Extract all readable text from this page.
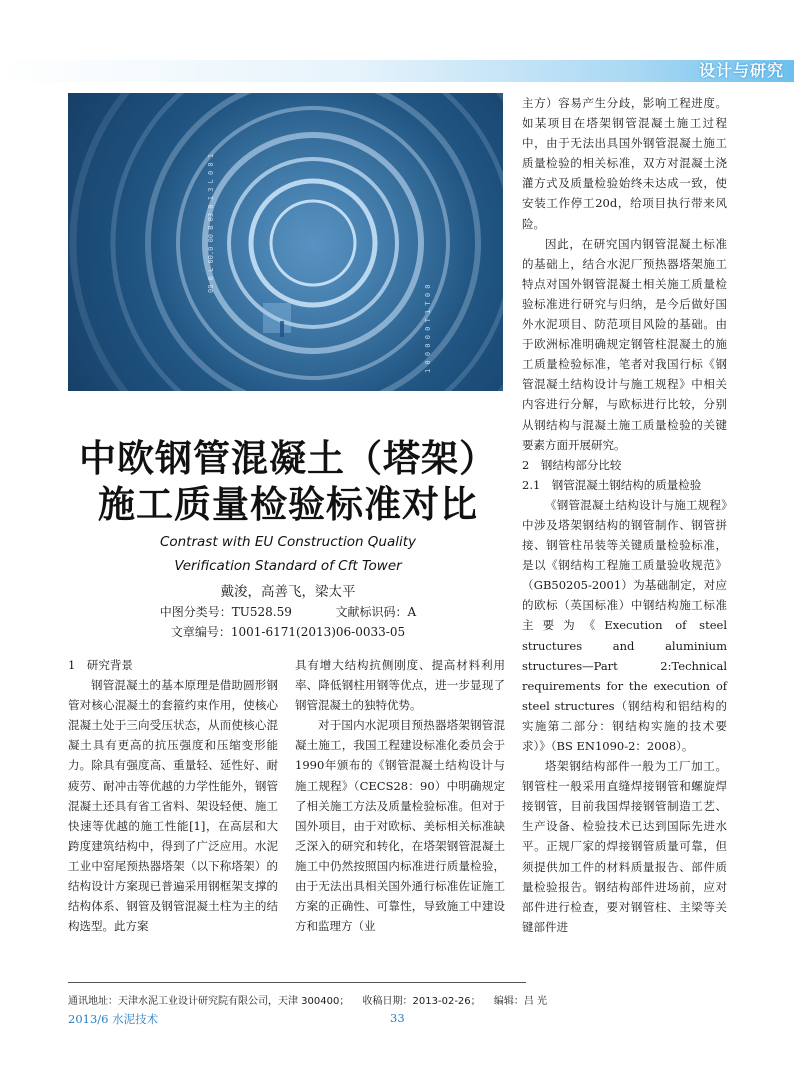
设计与研究
00 0 L 00.0 00 B 03 0 1 3 L 0 0 1
1 0 0 0 0 0 T 1 T 0 0

中欧钢管混凝土（塔架）

施工质量检验标准对比

Contrast with EU Construction Quality
Verification Standard of Cft Tower
戴浚，高善飞，梁太平
中图分类号：TU528.59	文献标识码：A
文章编号：1001-6171(2013)06-0033-05

1　研究背景

钢管混凝土的基本原理是借助圆形钢管对核心混凝土的套箍约束作用，使核心混凝土处于三向受压状态，从而使核心混凝土具有更高的抗压强度和压缩变形能力。除具有强度高、重量轻、延性好、耐疲劳、耐冲击等优越的力学性能外，钢管混凝土还具有省工省料、架设轻便、施工快速等优越的施工性能[1]，在高层和大跨度建筑结构中，得到了广泛应用。水泥工业中窑尾预热器塔架（以下称塔架）的结构设计方案现已普遍采用钢框架支撑的结构体系、钢管及钢管混凝土柱为主的结构选型。此方案

具有增大结构抗侧刚度、提高材料利用率、降低钢柱用钢等优点，进一步显现了钢管混凝土的独特优势。

对于国内水泥项目预热器塔架钢管混凝土施工，我国工程建设标准化委员会于1990年颁布的《钢管混凝土结构设计与施工规程》（CECS28：90）中明确规定了相关施工方法及质量检验标准。但对于国外项目，由于对欧标、美标相关标准缺乏深入的研究和转化，在塔架钢管混凝土施工中仍然按照国内标准进行质量检验，由于无法出具相关国外通行标准佐证施工方案的正确性、可靠性，导致施工中建设方和监理方（业

主方）容易产生分歧，影响工程进度。如某项目在塔架钢管混凝土施工过程中，由于无法出具国外钢管混凝土施工质量检验的相关标准，双方对混凝土浇灌方式及质量检验始终未达成一致，使安装工作停工20d，给项目执行带来风险。

因此，在研究国内钢管混凝土标准的基础上，结合水泥厂预热器塔架施工特点对国外钢管混凝土相关施工质量检验标准进行研究与归纳，是今后做好国外水泥项目、防范项目风险的基础。由于欧洲标准明确规定钢管柱混凝土的施工质量检验标准，笔者对我国行标《钢管混凝土结构设计与施工规程》中相关内容进行分解，与欧标进行比较，分别从钢结构与混凝土施工质量检验的关键要素方面开展研究。

2　钢结构部分比较

2.1　钢管混凝土钢结构的质量检验

《钢管混凝土结构设计与施工规程》中涉及塔架钢结构的钢管制作、钢管拼接、钢管柱吊装等关键质量检验标准，是以《钢结构工程施工质量验收规范》（GB50205-2001）为基础制定，对应的欧标（英国标准）中钢结构施工标准主要为《Execution of steel structures and aluminium structures—Part 2:Technical requirements for the execution of steel structures（钢结构和铝结构的实施第二部分：钢结构实施的技术要求）》（BS EN1090-2：2008）。

塔架钢结构部件一般为工厂加工。钢管柱一般采用直缝焊接钢管和螺旋焊接钢管，目前我国焊接钢管制造工艺、生产设备、检验技术已达到国际先进水平。正规厂家的焊接钢管质量可靠，但须提供加工件的材料质量报告、部件质量检验报告。钢结构部件进场前，应对部件进行检查，要对钢管柱、主梁等关键部件进

通讯地址：天津水泥工业设计研究院有限公司，天津 300400； 收稿日期：2013-02-26； 编辑：吕 光
2013/6 水泥技术	33
